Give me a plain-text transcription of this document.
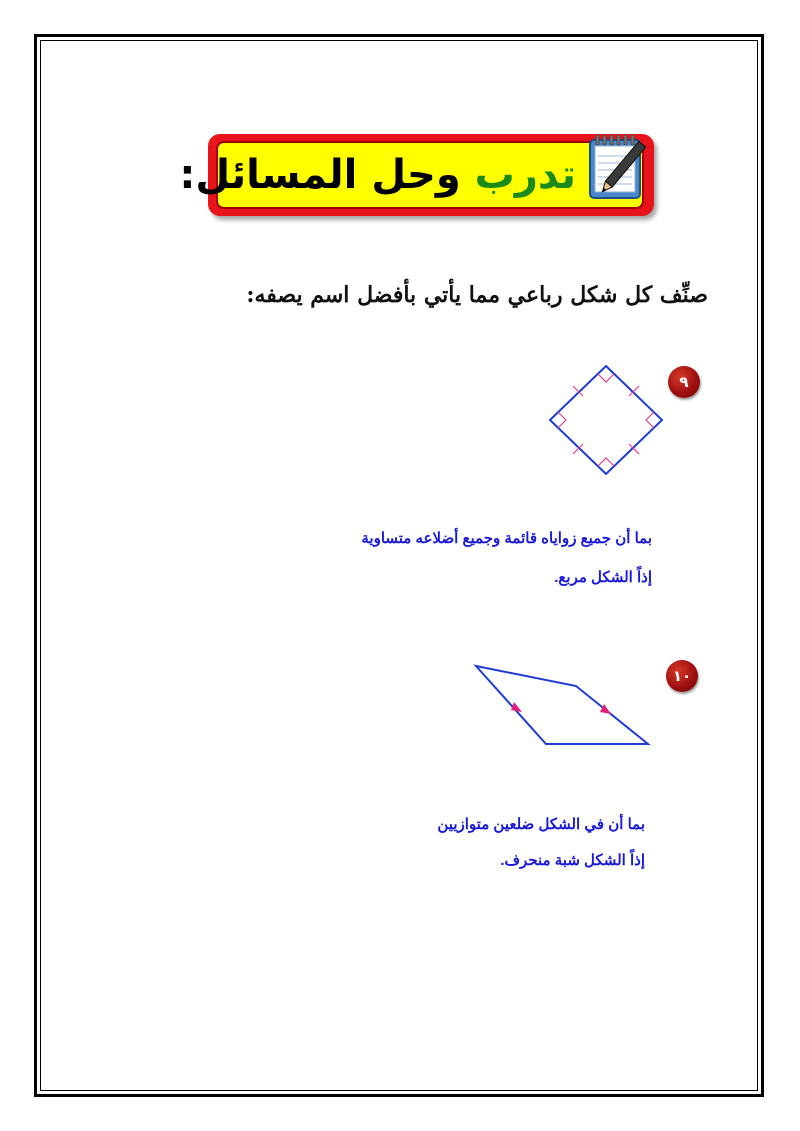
تدرب وحل المسائل:
صنِّف كل شكل رباعي مما يأتي بأفضل اسم يصفه:
٩
بما أن جميع زواياه قائمة وجميع أضلاعه متساوية
إذاً الشكل مربع.
١٠
بما أن في الشكل ضلعين متوازيين
إذاً الشكل شبة منحرف.
